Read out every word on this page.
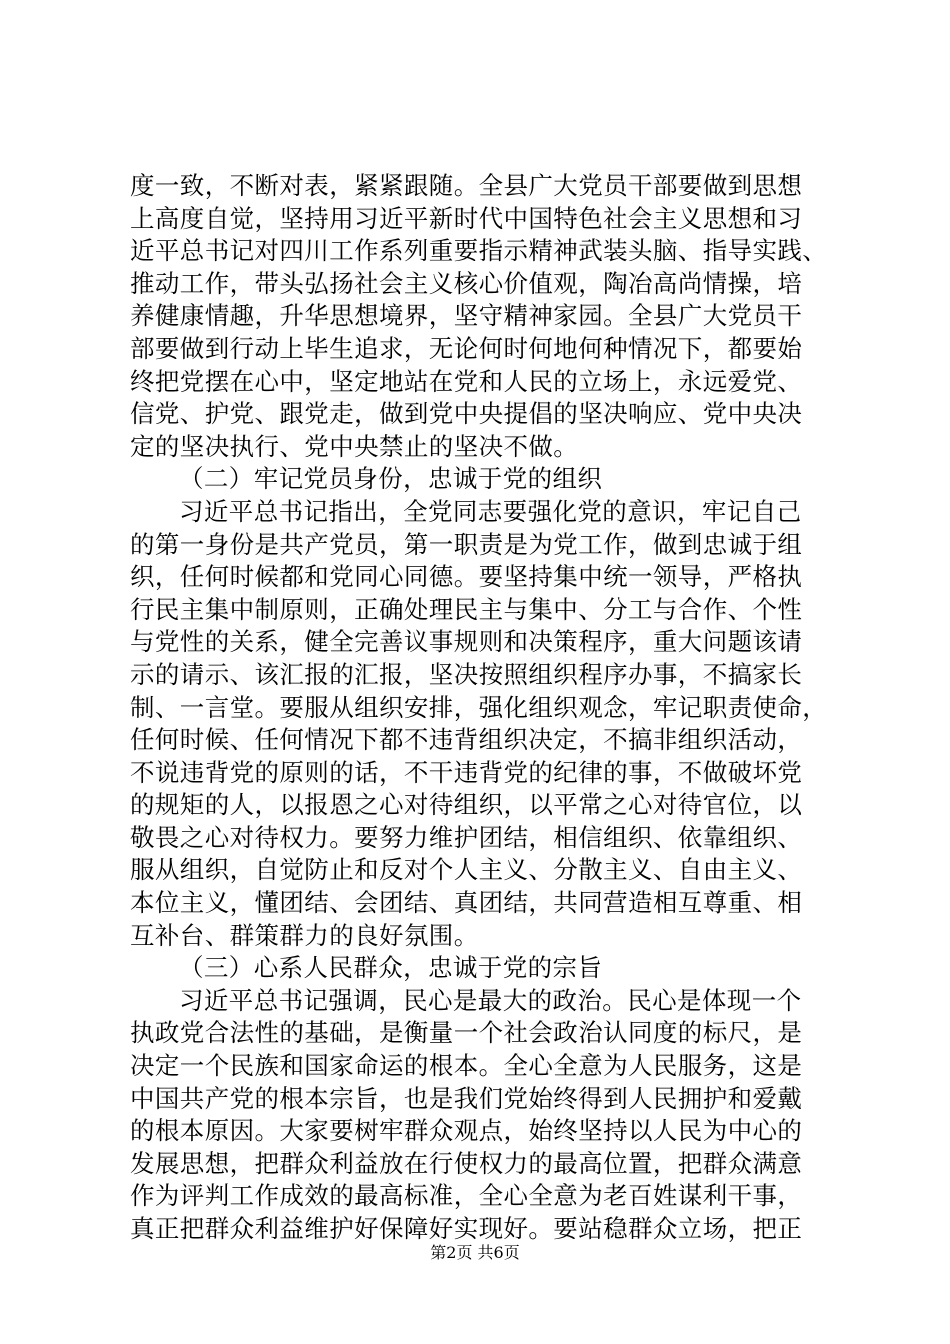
度一致，不断对表，紧紧跟随。全县广大党员干部要做到思想
上高度自觉，坚持用习近平新时代中国特色社会主义思想和习
近平总书记对四川工作系列重要指示精神武装头脑、指导实践、
推动工作，带头弘扬社会主义核心价值观，陶冶高尚情操，培
养健康情趣，升华思想境界，坚守精神家园。全县广大党员干
部要做到行动上毕生追求，无论何时何地何种情况下，都要始
终把党摆在心中，坚定地站在党和人民的立场上，永远爱党、
信党、护党、跟党走，做到党中央提倡的坚决响应、党中央决
定的坚决执行、党中央禁止的坚决不做。
（二）牢记党员身份，忠诚于党的组织
习近平总书记指出，全党同志要强化党的意识，牢记自己
的第一身份是共产党员，第一职责是为党工作，做到忠诚于组
织，任何时候都和党同心同德。要坚持集中统一领导，严格执
行民主集中制原则，正确处理民主与集中、分工与合作、个性
与党性的关系，健全完善议事规则和决策程序，重大问题该请
示的请示、该汇报的汇报，坚决按照组织程序办事，不搞家长
制、一言堂。要服从组织安排，强化组织观念，牢记职责使命，
任何时候、任何情况下都不违背组织决定，不搞非组织活动，
不说违背党的原则的话，不干违背党的纪律的事，不做破坏党
的规矩的人，以报恩之心对待组织，以平常之心对待官位，以
敬畏之心对待权力。要努力维护团结，相信组织、依靠组织、
服从组织，自觉防止和反对个人主义、分散主义、自由主义、
本位主义，懂团结、会团结、真团结，共同营造相互尊重、相
互补台、群策群力的良好氛围。
（三）心系人民群众，忠诚于党的宗旨
习近平总书记强调，民心是最大的政治。民心是体现一个
执政党合法性的基础，是衡量一个社会政治认同度的标尺，是
决定一个民族和国家命运的根本。全心全意为人民服务，这是
中国共产党的根本宗旨，也是我们党始终得到人民拥护和爱戴
的根本原因。大家要树牢群众观点，始终坚持以人民为中心的
发展思想，把群众利益放在行使权力的最高位置，把群众满意
作为评判工作成效的最高标准，全心全意为老百姓谋利干事，
真正把群众利益维护好保障好实现好。要站稳群众立场，把正
第2页 共6页
